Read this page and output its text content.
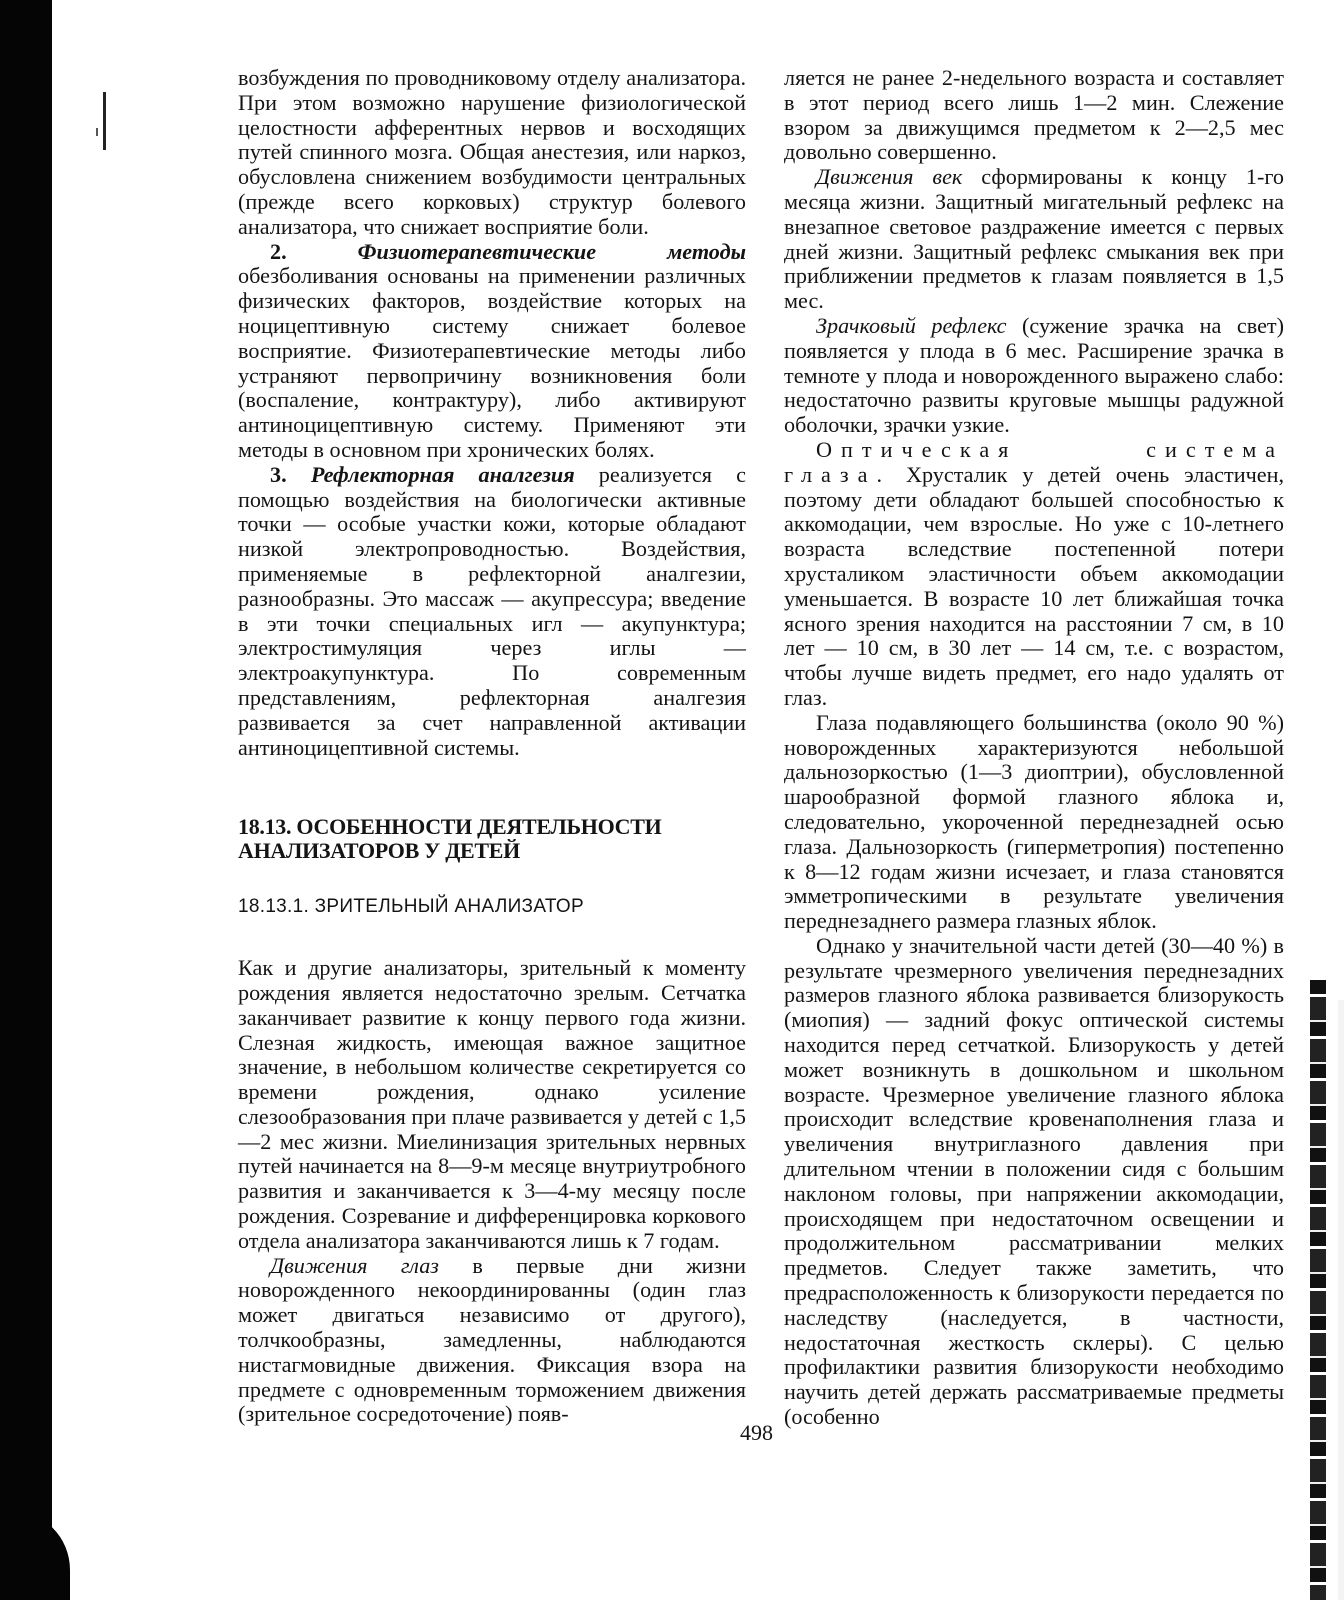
возбуждения по проводниковому отделу анализатора. При этом возможно нарушение физиологической целостности афферентных нервов и восходящих путей спинного мозга. Общая анестезия, или наркоз, обусловлена снижением возбудимости центральных (прежде всего корковых) структур болевого анализатора, что снижает восприятие боли.

2. Физиотерапевтические методы обезболивания основаны на применении различных физических факторов, воздействие которых на ноцицептивную систему снижает болевое восприятие. Физиотерапевтические методы либо устраняют первопричину возникновения боли (воспаление, контрактуру), либо активируют антиноцицептивную систему. Применяют эти методы в основном при хронических болях.

3. Рефлекторная аналгезия реализуется с помощью воздействия на биологически активные точки — особые участки кожи, которые обладают низкой электропроводностью. Воздействия, применяемые в рефлекторной аналгезии, разнообразны. Это массаж — акупрессура; введение в эти точки специальных игл — акупунктура; электростимуляция через иглы — электроакупунктура. По современным представлениям, рефлекторная аналгезия развивается за счет направленной активации антиноцицептивной системы.

18.13. ОСОБЕННОСТИ ДЕЯТЕЛЬНОСТИ
АНАЛИЗАТОРОВ У ДЕТЕЙ
18.13.1. ЗРИТЕЛЬНЫЙ АНАЛИЗАТОР

Как и другие анализаторы, зрительный к моменту рождения является недостаточно зрелым. Сетчатка заканчивает развитие к концу первого года жизни. Слезная жидкость, имеющая важное защитное значение, в небольшом количестве секретируется со времени рождения, однако усиление слезообразования при плаче развивается у детей с 1,5—2 мес жизни. Миелинизация зрительных нервных путей начинается на 8—9-м месяце внутриутробного развития и заканчивается к 3—4-му месяцу после рождения. Созревание и дифференцировка коркового отдела анализатора заканчиваются лишь к 7 годам.

Движения глаз в первые дни жизни новорожденного некоординированны (один глаз может двигаться независимо от другого), толчкообразны, замедленны, наблюдаются нистагмовидные движения. Фиксация взора на предмете с одновременным торможением движения (зрительное сосредоточение) появ-

ляется не ранее 2-недельного возраста и составляет в этот период всего лишь 1—2 мин. Слежение взором за движущимся предметом к 2—2,5 мес довольно совершенно.

Движения век сформированы к концу 1-го месяца жизни. Защитный мигательный рефлекс на внезапное световое раздражение имеется с первых дней жизни. Защитный рефлекс смыкания век при приближении предметов к глазам появляется в 1,5 мес.

Зрачковый рефлекс (сужение зрачка на свет) появляется у плода в 6 мес. Расширение зрачка в темноте у плода и новорожденного выражено слабо: недостаточно развиты круговые мышцы радужной оболочки, зрачки узкие.

Оптическая система глаза. Хрусталик у детей очень эластичен, поэтому дети обладают большей способностью к аккомодации, чем взрослые. Но уже с 10-летнего возраста вследствие постепенной потери хрусталиком эластичности объем аккомодации уменьшается. В возрасте 10 лет ближайшая точка ясного зрения находится на расстоянии 7 см, в 10 лет — 10 см, в 30 лет — 14 см, т.е. с возрастом, чтобы лучше видеть предмет, его надо удалять от глаз.

Глаза подавляющего большинства (около 90 %) новорожденных характеризуются небольшой дальнозоркостью (1—3 диоптрии), обусловленной шарообразной формой глазного яблока и, следовательно, укороченной переднезадней осью глаза. Дальнозоркость (гиперметропия) постепенно к 8—12 годам жизни исчезает, и глаза становятся эмметропическими в результате увеличения переднезаднего размера глазных яблок.

Однако у значительной части детей (30—40 %) в результате чрезмерного увеличения переднезадних размеров глазного яблока развивается близорукость (миопия) — задний фокус оптической системы находится перед сетчаткой. Близорукость у детей может возникнуть в дошкольном и школьном возрасте. Чрезмерное увеличение глазного яблока происходит вследствие кровенаполнения глаза и увеличения внутриглазного давления при длительном чтении в положении сидя с большим наклоном головы, при напряжении аккомодации, происходящем при недостаточном освещении и продолжительном рассматривании мелких предметов. Следует также заметить, что предрасположенность к близорукости передается по наследству (наследуется, в частности, недостаточная жесткость склеры). С целью профилактики развития близорукости необходимо научить детей держать рассматриваемые предметы (особенно

498
